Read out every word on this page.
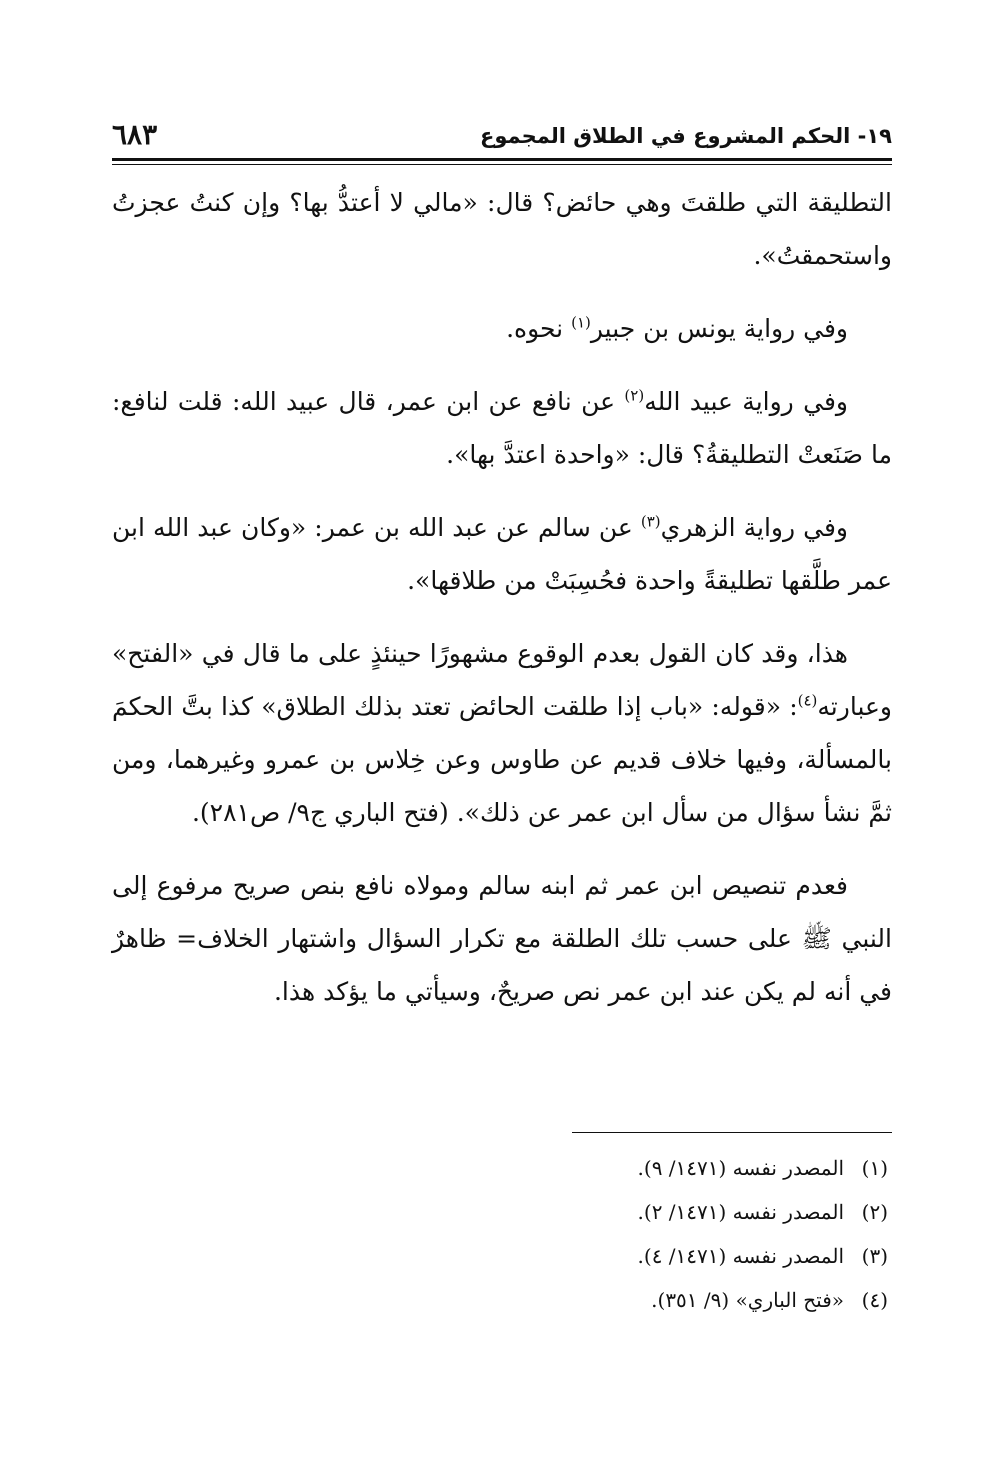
١٩- الحكم المشروع في الطلاق المجموع
٦٨٣

التطليقة التي طلقتَ وهي حائض؟ قال: «مالي لا أعتدُّ بها؟ وإن كنتُ عجزتُ واستحمقتُ».

وفي رواية يونس بن جبير$^{(١)}$ نحوه.

وفي رواية عبيد الله$^{(٢)}$ عن نافع عن ابن عمر، قال عبيد الله: قلت لنافع: ما صَنَعتْ التطليقةُ؟ قال: «واحدة اعتدَّ بها».

وفي رواية الزهري$^{(٣)}$ عن سالم عن عبد الله بن عمر: «وكان عبد الله ابن عمر طلَّقها تطليقةً واحدة فحُسِبَتْ من طلاقها».

هذا، وقد كان القول بعدم الوقوع مشهورًا حينئذٍ على ما قال في «الفتح» وعبارته$^{(٤)}$: «قوله: «باب إذا طلقت الحائض تعتد بذلك الطلاق» كذا بتَّ الحكمَ بالمسألة، وفيها خلاف قديم عن طاوس وعن خِلاس بن عمرو وغيرهما، ومن ثمَّ نشأ سؤال من سأل ابن عمر عن ذلك». (فتح الباري ج٩/ ص٢٨١).

فعدم تنصيص ابن عمر ثم ابنه سالم ومولاه نافع بنص صريح مرفوع إلى النبي ﷺ على حسب تلك الطلقة مع تكرار السؤال واشتهار الخلاف= ظاهرٌ في أنه لم يكن عند ابن عمر نص صريحٌ، وسيأتي ما يؤكد هذا.

(١)
المصدر نفسه (١٤٧١/ ٩).
(٢)
المصدر نفسه (١٤٧١/ ٢).
(٣)
المصدر نفسه (١٤٧١/ ٤).
(٤)
«فتح الباري» (٩/ ٣٥١).
